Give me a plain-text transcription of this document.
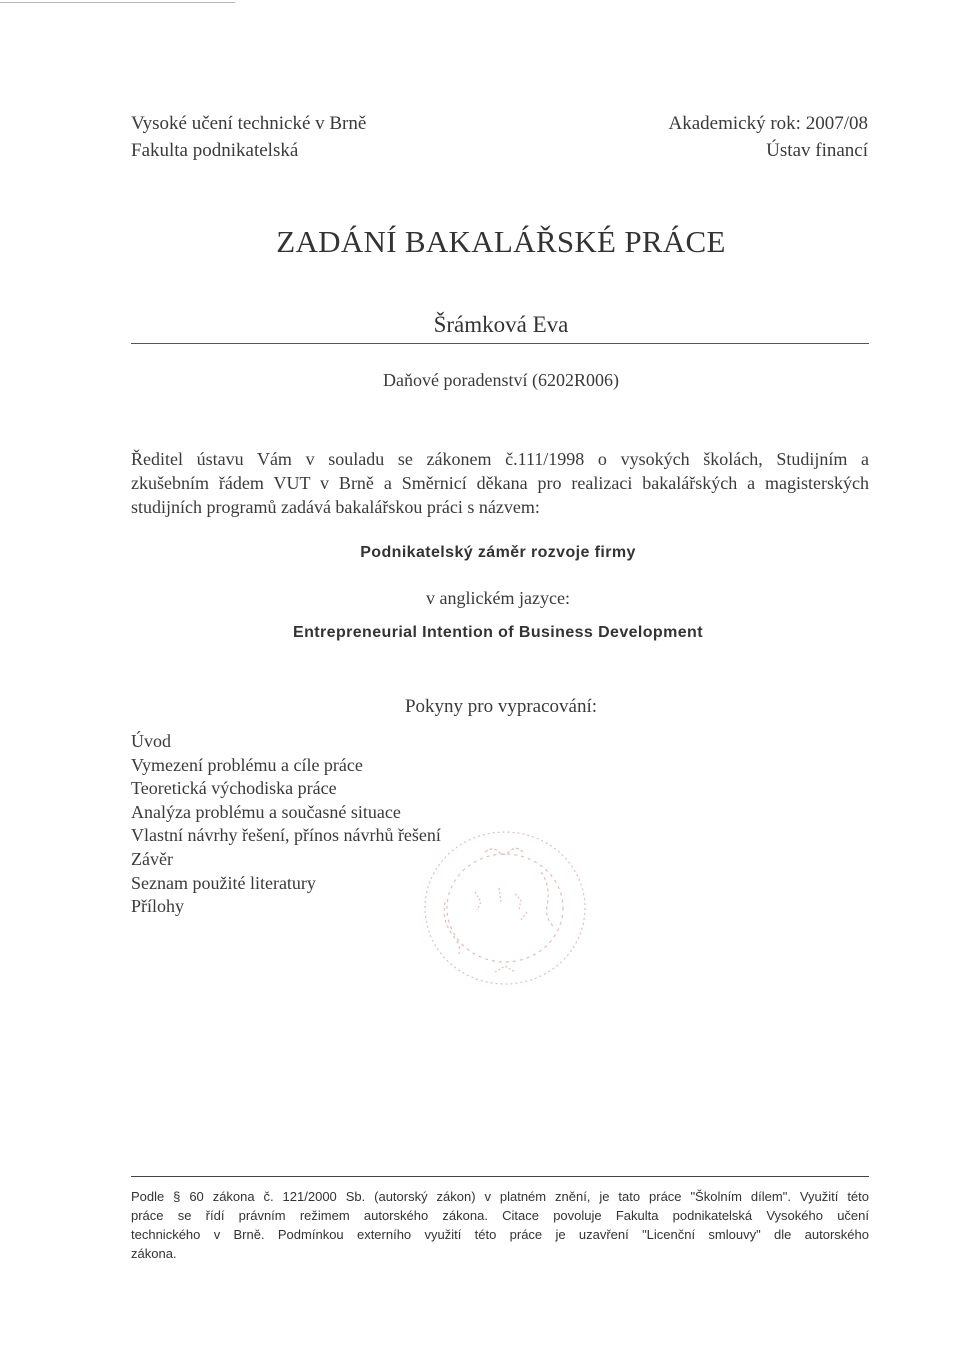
Vysoké učení technické v Brně
Fakulta podnikatelská
Akademický rok: 2007/08
Ústav financí
ZADÁNÍ BAKALÁŘSKÉ PRÁCE
Šrámková Eva
Daňové poradenství (6202R006)
Ředitel ústavu Vám v souladu se zákonem č.111/1998 o vysokých školách, Studijním a
zkušebním řádem VUT v Brně a Směrnicí děkana pro realizaci bakalářských a magisterských
studijních programů zadává bakalářskou práci s názvem:
Podnikatelský záměr rozvoje firmy
v anglickém jazyce:
Entrepreneurial Intention of Business Development
Pokyny pro vypracování:
Úvod
Vymezení problému a cíle práce
Teoretická východiska práce
Analýza problému a současné situace
Vlastní návrhy řešení, přínos návrhů řešení
Závěr
Seznam použité literatury
Přílohy
Podle § 60 zákona č. 121/2000 Sb. (autorský zákon) v platném znění, je tato práce "Školním dílem". Využití této
práce se řídí právním režimem autorského zákona. Citace povoluje Fakulta podnikatelská Vysokého učení
technického v Brně. Podmínkou externího využití této práce je uzavření "Licenční smlouvy" dle autorského
zákona.
